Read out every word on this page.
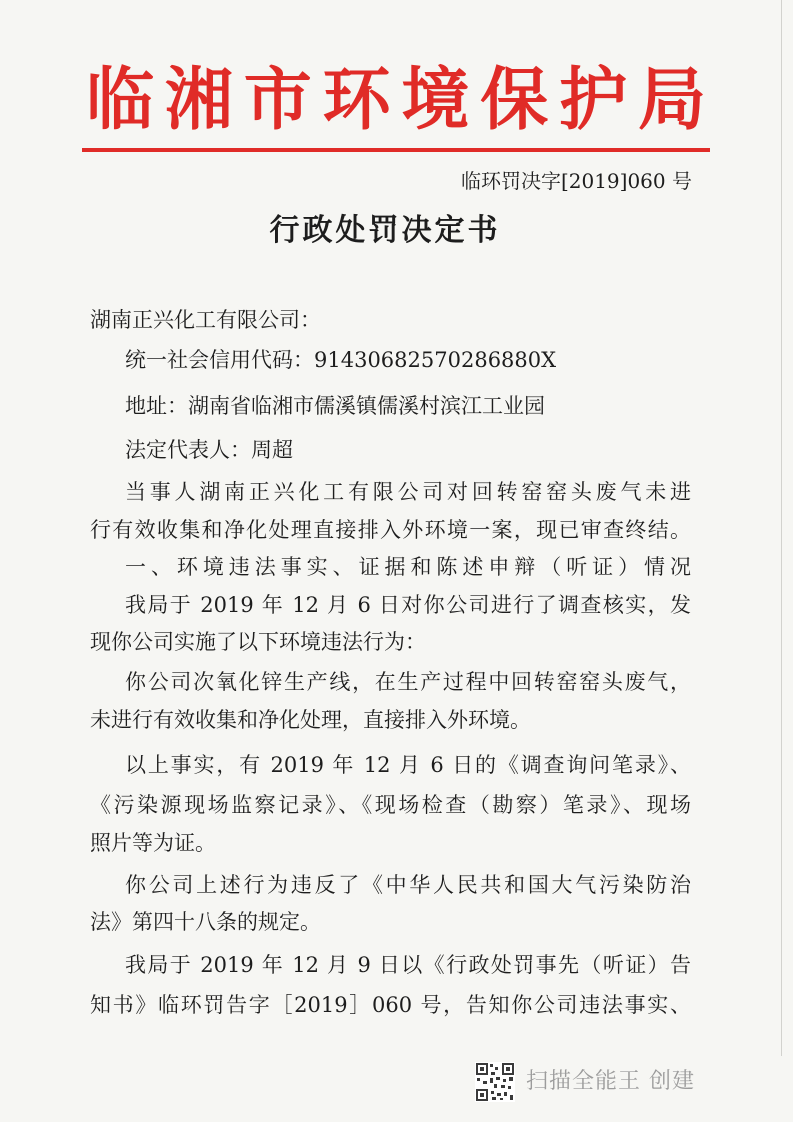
临湘市环境保护局
临环罚决字[2019]060 号
行政处罚决定书
湖南正兴化工有限公司：
统一社会信用代码：91430682570286880X
地址：湖南省临湘市儒溪镇儒溪村滨江工业园
法定代表人：周超
当事人湖南正兴化工有限公司对回转窑窑头废气未进
行有效收集和净化处理直接排入外环境一案，现已审查终结。
一、环境违法事实、证据和陈述申辩（听证）情况
我局于 2019 年 12 月 6 日对你公司进行了调查核实，发
现你公司实施了以下环境违法行为：
你公司次氧化锌生产线，在生产过程中回转窑窑头废气，
未进行有效收集和净化处理，直接排入外环境。
以上事实，有 2019 年 12 月 6 日的《调查询问笔录》、
《污染源现场监察记录》、《现场检查（勘察）笔录》、现场
照片等为证。
你公司上述行为违反了《中华人民共和国大气污染防治
法》第四十八条的规定。
我局于 2019 年 12 月 9 日以《行政处罚事先（听证）告
知书》临环罚告字［2019］060 号，告知你公司违法事实、
扫描全能王 创建
